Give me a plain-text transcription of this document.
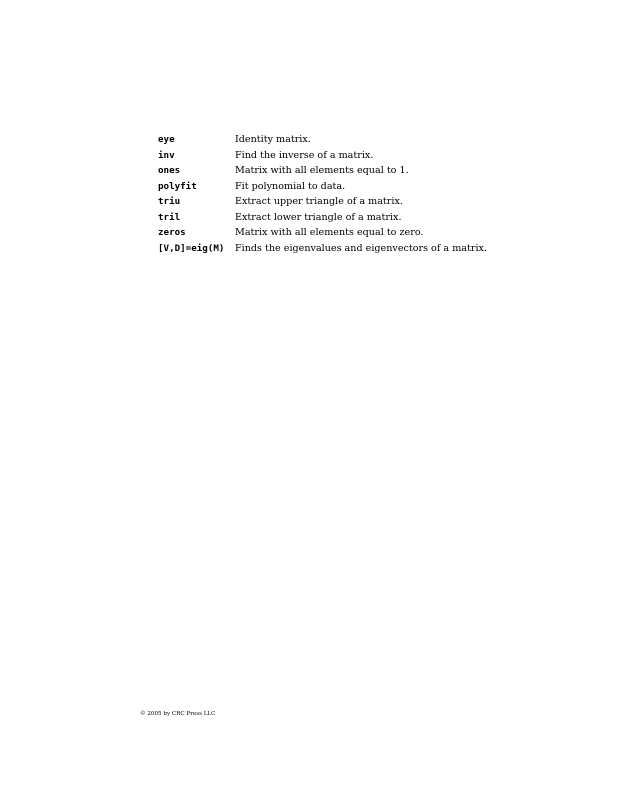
eye	Identity matrix.
inv	Find the inverse of a matrix.
ones	Matrix with all elements equal to 1.
polyfit	Fit polynomial to data.
triu	Extract upper triangle of a matrix.
tril	Extract lower triangle of a matrix.
zeros	Matrix with all elements equal to zero.
[V,D]=eig(M)	Finds the eigenvalues and eigenvectors of a matrix.
© 2005 by CRC Press LLC
